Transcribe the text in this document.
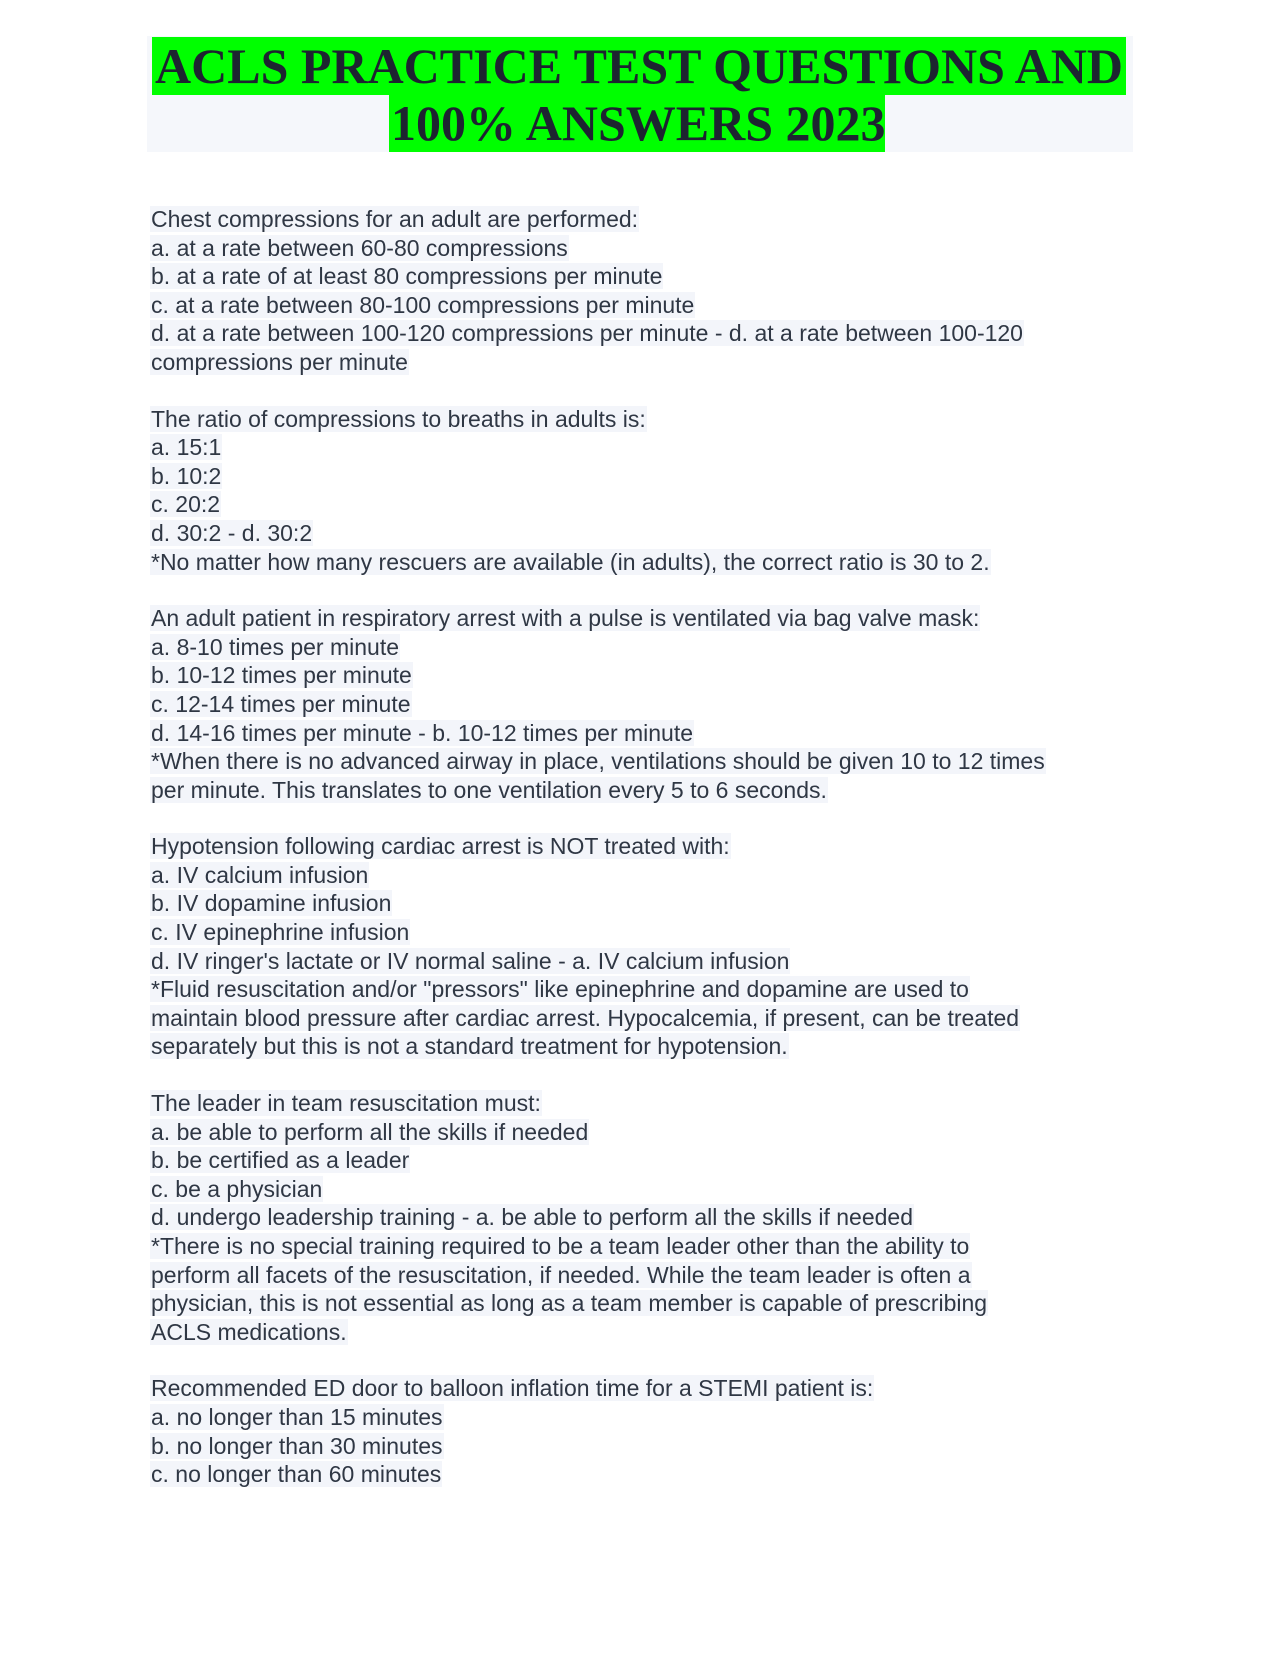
ACLS PRACTICE TEST QUESTIONS AND
100% ANSWERS 2023
Chest compressions for an adult are performed:
a. at a rate between 60-80 compressions
b. at a rate of at least 80 compressions per minute
c. at a rate between 80-100 compressions per minute
d. at a rate between 100-120 compressions per minute - d. at a rate between 100-120
compressions per minute
The ratio of compressions to breaths in adults is:
a. 15:1
b. 10:2
c. 20:2
d. 30:2 - d. 30:2
*No matter how many rescuers are available (in adults), the correct ratio is 30 to 2.
An adult patient in respiratory arrest with a pulse is ventilated via bag valve mask:
a. 8-10 times per minute
b. 10-12 times per minute
c. 12-14 times per minute
d. 14-16 times per minute - b. 10-12 times per minute
*When there is no advanced airway in place, ventilations should be given 10 to 12 times
per minute. This translates to one ventilation every 5 to 6 seconds.
Hypotension following cardiac arrest is NOT treated with:
a. IV calcium infusion
b. IV dopamine infusion
c. IV epinephrine infusion
d. IV ringer's lactate or IV normal saline - a. IV calcium infusion
*Fluid resuscitation and/or "pressors" like epinephrine and dopamine are used to
maintain blood pressure after cardiac arrest. Hypocalcemia, if present, can be treated
separately but this is not a standard treatment for hypotension.
The leader in team resuscitation must:
a. be able to perform all the skills if needed
b. be certified as a leader
c. be a physician
d. undergo leadership training - a. be able to perform all the skills if needed
*There is no special training required to be a team leader other than the ability to
perform all facets of the resuscitation, if needed. While the team leader is often a
physician, this is not essential as long as a team member is capable of prescribing
ACLS medications.
Recommended ED door to balloon inflation time for a STEMI patient is:
a. no longer than 15 minutes
b. no longer than 30 minutes
c. no longer than 60 minutes
